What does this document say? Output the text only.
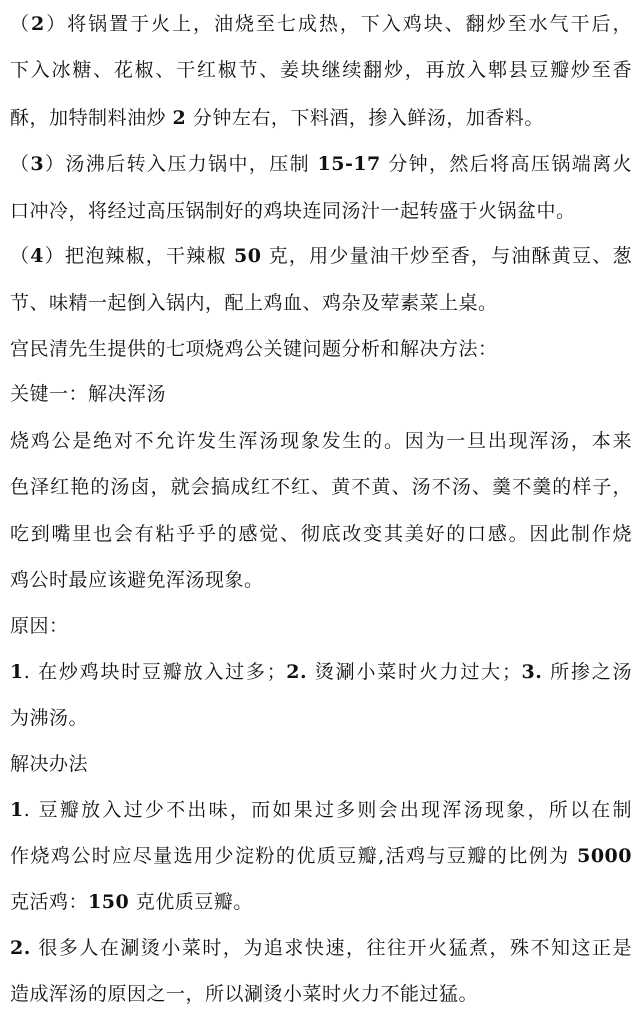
（2）将锅置于火上，油烧至七成热，下入鸡块、翻炒至水气干后，
下入冰糖、花椒、干红椒节、姜块继续翻炒，再放入郫县豆瓣炒至香
酥，加特制料油炒 2 分钟左右，下料酒，掺入鲜汤，加香料。
（3）汤沸后转入压力锅中，压制 15-17 分钟，然后将高压锅端离火
口冲冷，将经过高压锅制好的鸡块连同汤汁一起转盛于火锅盆中。
（4）把泡辣椒，干辣椒 50 克，用少量油干炒至香，与油酥黄豆、葱
节、味精一起倒入锅内，配上鸡血、鸡杂及荤素菜上桌。
宫民清先生提供的七项烧鸡公关键问题分析和解决方法：
关键一：解决浑汤
烧鸡公是绝对不允许发生浑汤现象发生的。因为一旦出现浑汤，本来
色泽红艳的汤卤，就会搞成红不红、黄不黄、汤不汤、羹不羹的样子，
吃到嘴里也会有粘乎乎的感觉、彻底改变其美好的口感。因此制作烧
鸡公时最应该避免浑汤现象。
原因：
1. 在炒鸡块时豆瓣放入过多；2. 烫涮小菜时火力过大；3. 所掺之汤
为沸汤。
解决办法
1. 豆瓣放入过少不出味，而如果过多则会出现浑汤现象，所以在制
作烧鸡公时应尽量选用少淀粉的优质豆瓣,活鸡与豆瓣的比例为 5000
克活鸡：150 克优质豆瓣。
2. 很多人在涮烫小菜时，为追求快速，往往开火猛煮，殊不知这正是
造成浑汤的原因之一，所以涮烫小菜时火力不能过猛。
